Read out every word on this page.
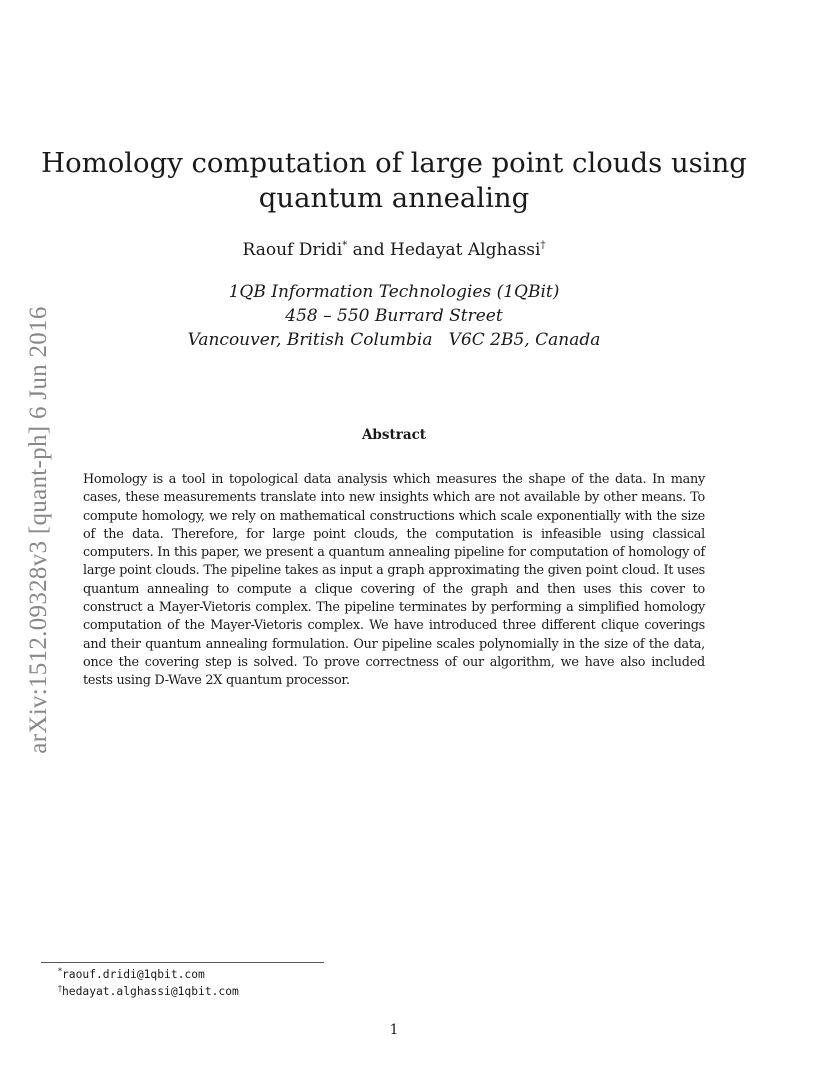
arXiv:1512.09328v3 [quant-ph] 6 Jun 2016
Homology computation of large point clouds using quantum annealing
Raouf Dridi* and Hedayat Alghassi†
1QB Information Technologies (1QBit)
458 – 550 Burrard Street
Vancouver, British Columbia   V6C 2B5, Canada
Abstract

Homology is a tool in topological data analysis which measures the shape of the data. In many cases, these measurements translate into new insights which are not available by other means. To compute homology, we rely on mathematical constructions which scale exponentially with the size of the data. Therefore, for large point clouds, the computation is infeasible using classical computers. In this paper, we present a quantum annealing pipeline for computation of homology of large point clouds. The pipeline takes as input a graph approximating the given point cloud. It uses quantum annealing to compute a clique covering of the graph and then uses this cover to construct a Mayer-Vietoris complex. The pipeline terminates by performing a simplified homology computation of the Mayer-Vietoris complex. We have introduced three different clique coverings and their quantum annealing formulation. Our pipeline scales polynomially in the size of the data, once the covering step is solved. To prove correctness of our algorithm, we have also included tests using D-Wave 2X quantum processor.

*raouf.dridi@1qbit.com
†hedayat.alghassi@1qbit.com
1
